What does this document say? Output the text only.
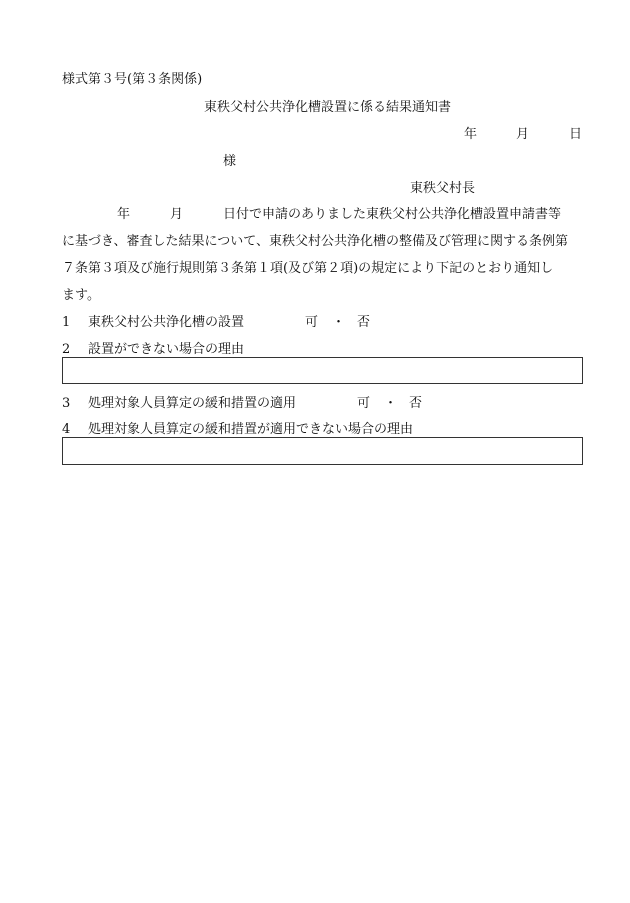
様式第３号(第３条関係)
東秩父村公共浄化槽設置に係る結果通知書
年	月	日
様
東秩父村長
年	月	日付で申請のありました東秩父村公共浄化槽設置申請書等
に基づき、審査した結果について、東秩父村公共浄化槽の整備及び管理に関する条例第
７条第３項及び施行規則第３条第１項(及び第２項)の規定により下記のとおり通知し
ます。
1 東秩父村公共浄化槽の設置	可 ・ 否
2 設置ができない場合の理由
3 処理対象人員算定の緩和措置の適用	可 ・ 否
4 処理対象人員算定の緩和措置が適用できない場合の理由
